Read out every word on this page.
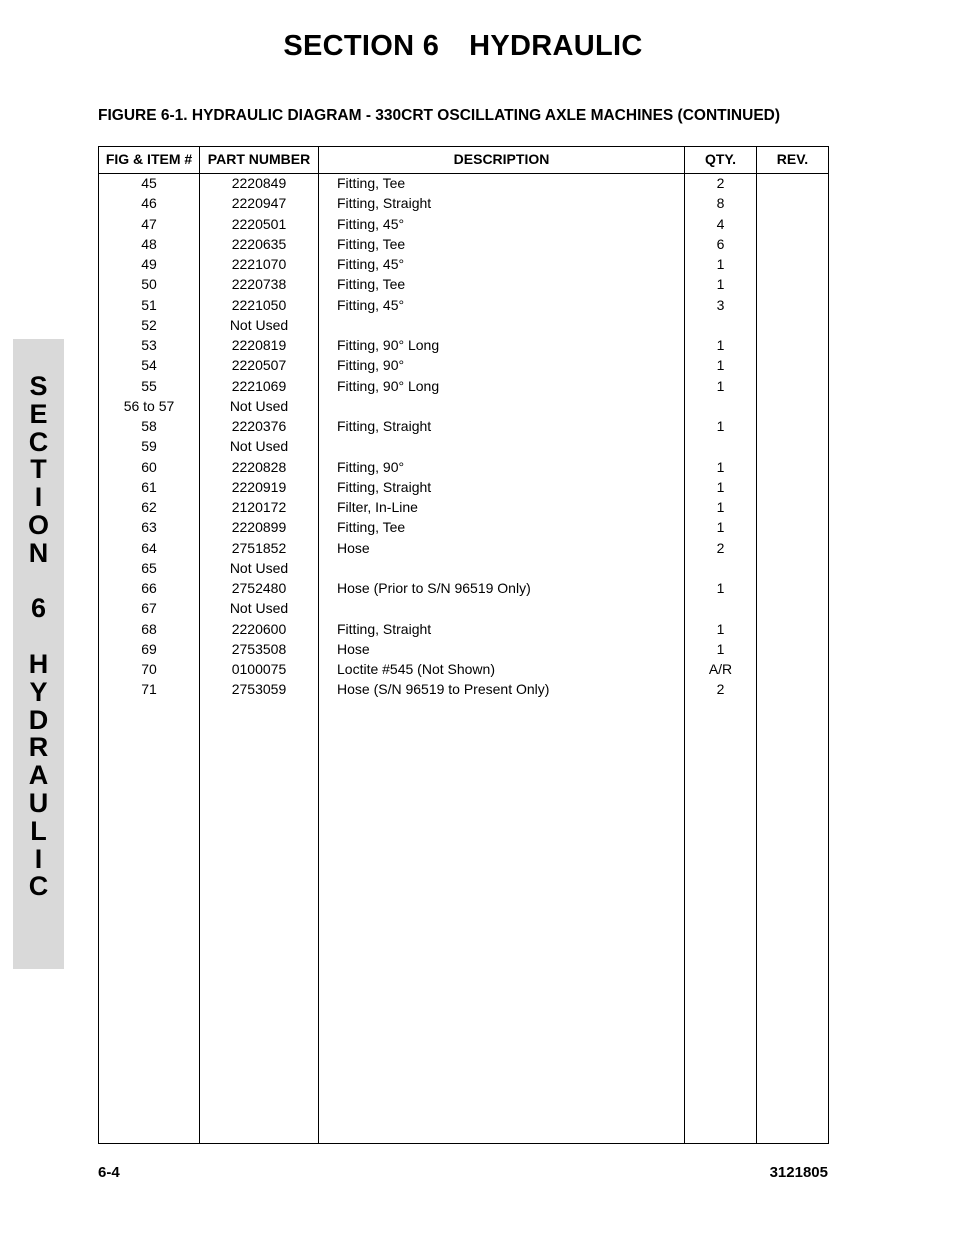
SECTION 6 HYDRAULIC
FIGURE 6-1. HYDRAULIC DIAGRAM - 330CRT OSCILLATING AXLE MACHINES (CONTINUED)
S
E
C
T
I
O
N
6
H
Y
D
R
A
U
L
I
C
FIG & ITEM #	PART NUMBER	DESCRIPTION	QTY.	REV.
45	2220849	Fitting, Tee	2
46	2220947	Fitting, Straight	8
47	2220501	Fitting, 45°	4
48	2220635	Fitting, Tee	6
49	2221070	Fitting, 45°	1
50	2220738	Fitting, Tee	1
51	2221050	Fitting, 45°	3
52	Not Used
53	2220819	Fitting, 90° Long	1
54	2220507	Fitting, 90°	1
55	2221069	Fitting, 90° Long	1
56 to 57	Not Used
58	2220376	Fitting, Straight	1
59	Not Used
60	2220828	Fitting, 90°	1
61	2220919	Fitting, Straight	1
62	2120172	Filter, In-Line	1
63	2220899	Fitting, Tee	1
64	2751852	Hose	2
65	Not Used
66	2752480	Hose (Prior to S/N 96519 Only)	1
67	Not Used
68	2220600	Fitting, Straight	1
69	2753508	Hose	1
70	0100075	Loctite #545 (Not Shown)	A/R
71	2753059	Hose (S/N 96519 to Present Only)	2
6-4	3121805
